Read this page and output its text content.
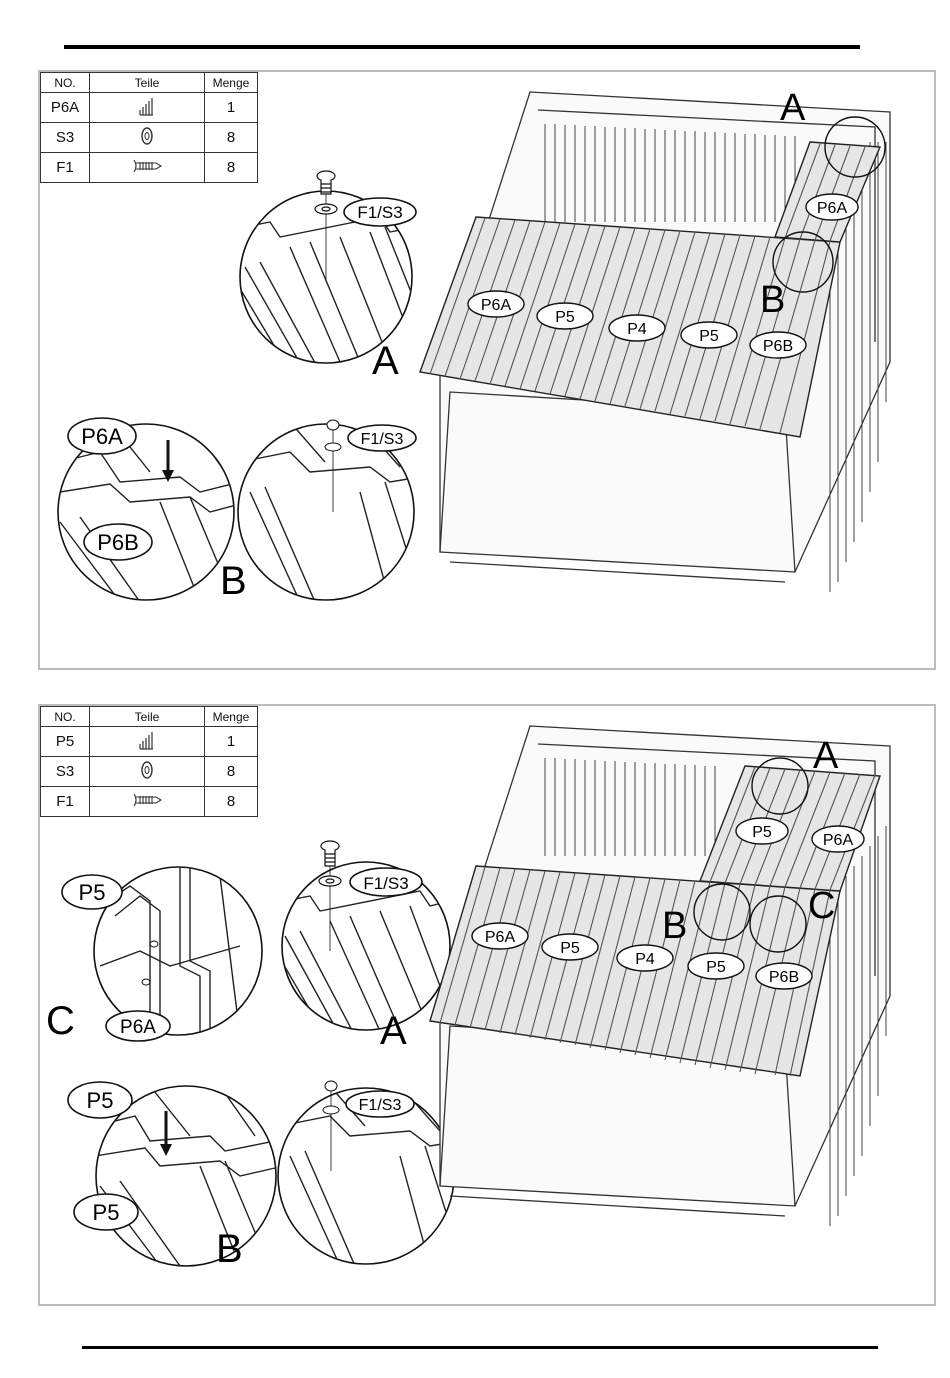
NO.	Teile	Menge
P6A		1
S3		8
F1		8
F1/S3
A
P6A
P6B
B
F1/S3
A
B
P6A
P6A
P5
P4	P5
P6B
NO.	Teile	Menge
P5		1
S3		8
F1		8
P5
P6A
C
F1/S3
A
P5
P5
B
F1/S3
A
B	C
P5	P6A
P6A
P5
P4	P5
P6B
